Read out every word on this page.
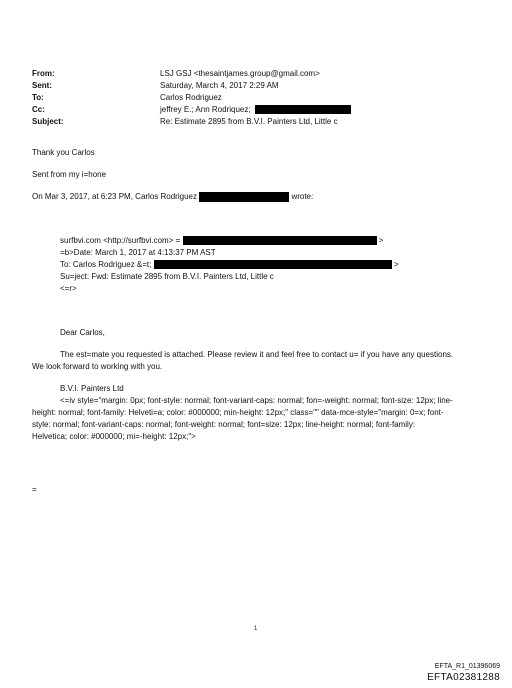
From:	LSJ GSJ <thesaintjames.group@gmail.com>
Sent:	Saturday, March 4, 2017 2:29 AM
To:	Carlos Rodriguez
Cc:	jeffrey E.; Ann Rodriquez;
Subject:	Re: Estimate 2895 from B.V.I. Painters Ltd, Little c
Thank you Carlos
Sent from my i=hone
On Mar 3, 2017, at 6:23 PM, Carlos Rodriguez	wrote:
surfbvi.com <http://surfbvi.com> =	>
=b>Date: March 1, 2017 at 4:13:37 PM AST
To: Carlos Rodriguez &=t;	>
Su=ject: Fwd: Estimate 2895 from B.V.I. Painters Ltd, Little c
<=r>
Dear Carlos,
The est=mate you requested is attached. Please review it and feel free to contact u= if you have any questions.
We look forward to working with you.
B.V.I. Painters Ltd
<=iv style="margin: 0px; font-style: normal; font-variant-caps: normal; fon=-weight: normal; font-size: 12px; line-
height: normal; font-family: Helveti=a; color: #000000; min-height: 12px;" class="" data-mce-style="margin: 0=x; font-
style: normal; font-variant-caps: normal; font-weight: normal; font=size: 12px; line-height: normal; font-family:
Helvetica; color: #000000; mi=-height: 12px;">
=
1
EFTA_R1_01396069
EFTA02381288
